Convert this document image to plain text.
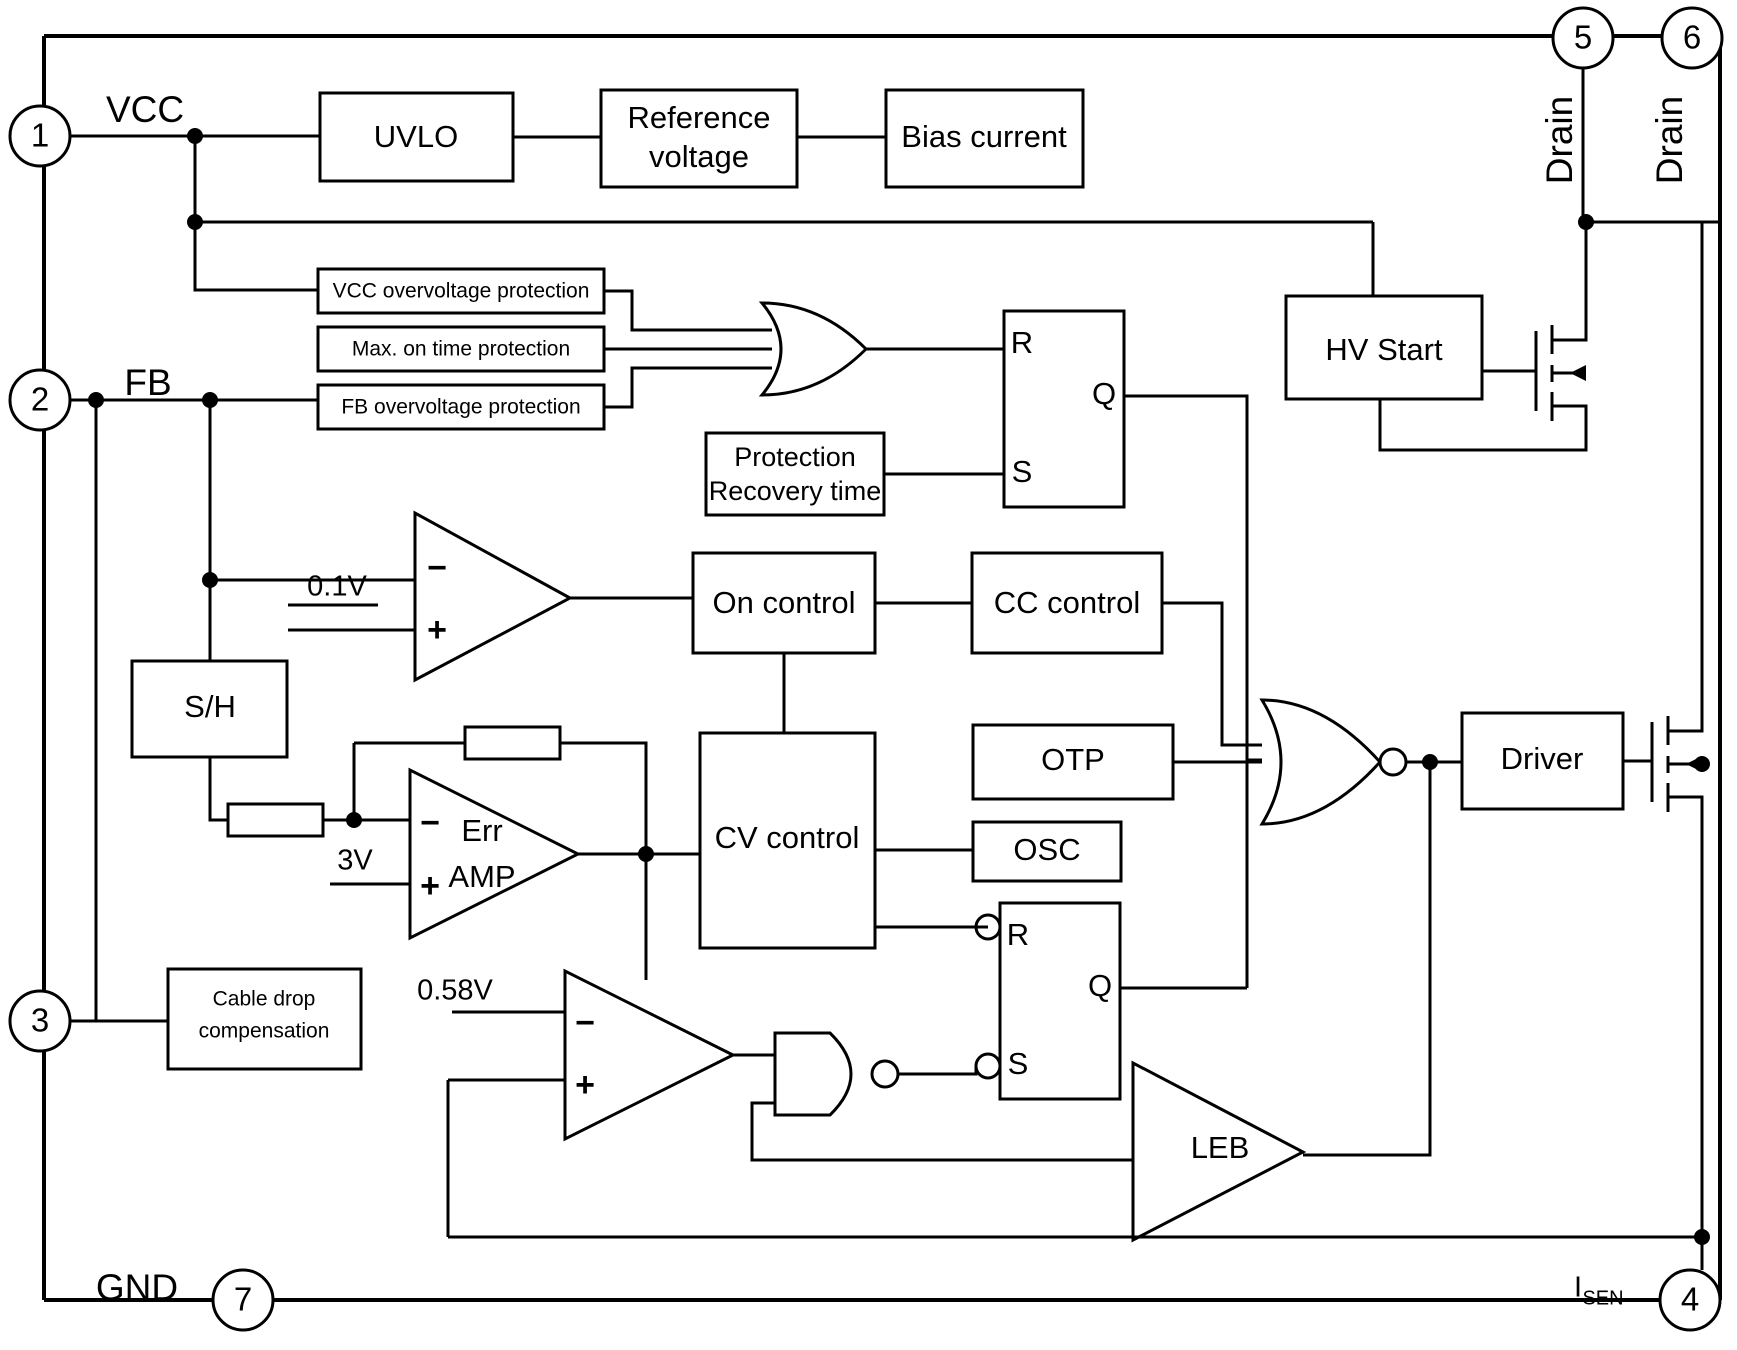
1
2
3
4
5	6
7
VCC
FB
GND
Drain Drain
I SEN
UVLO
Reference
voltage
Bias current
VCC overvoltage protection
Max. on time protection
FB overvoltage protection
Protection
Recovery time
R
S
Q
HV Start
−
+
0.1V	On control	CC control
S/H
−
+
Err
AMP
3V
CV control
OTP
OSC
Driver
R
S
Q
Cable drop
compensation	−
+
0.58V
LEB
